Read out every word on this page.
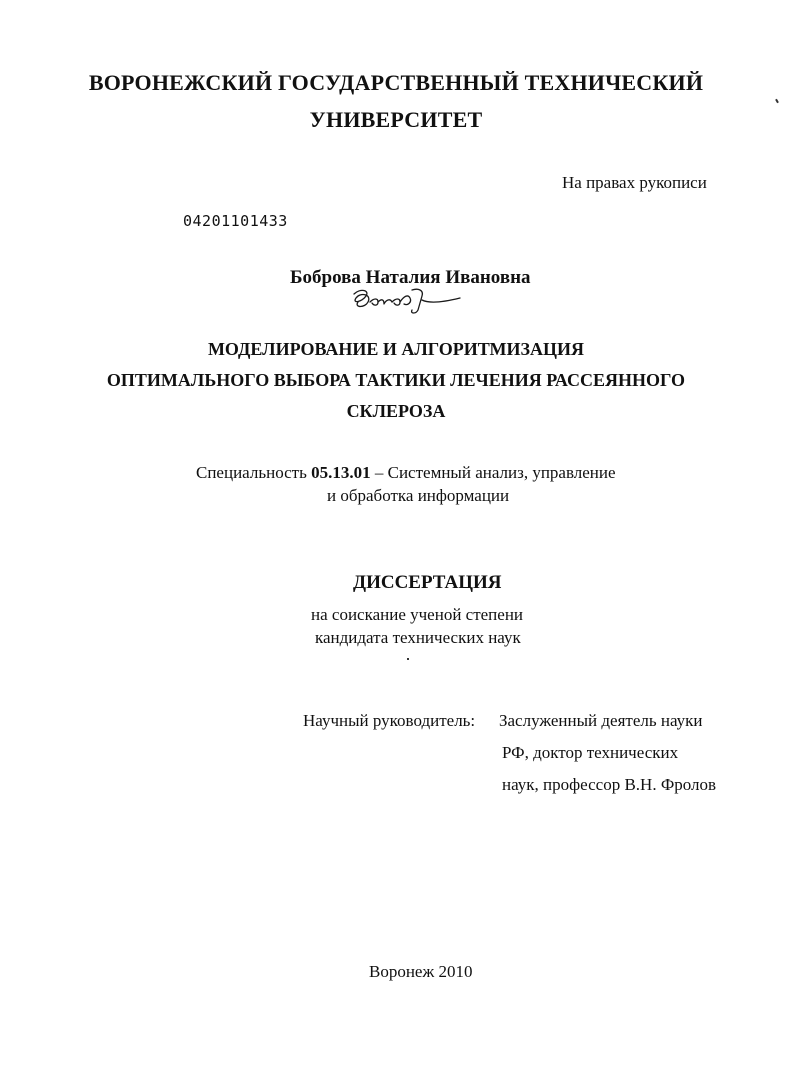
ВОРОНЕЖСКИЙ ГОСУДАРСТВЕННЫЙ ТЕХНИЧЕСКИЙ
УНИВЕРСИТЕТ
На правах рукописи
04201101433
Боброва Наталия Ивановна
МОДЕЛИРОВАНИЕ И АЛГОРИТМИЗАЦИЯ
ОПТИМАЛЬНОГО ВЫБОРА ТАКТИКИ ЛЕЧЕНИЯ РАССЕЯННОГО
СКЛЕРОЗА
Специальность 05.13.01 – Системный анализ, управление
и обработка информации
ДИССЕРТАЦИЯ
на соискание ученой степени
кандидата технических наук
Научный руководитель: Заслуженный деятель науки
РФ, доктор технических
наук, профессор В.Н. Фролов
Воронеж 2010
